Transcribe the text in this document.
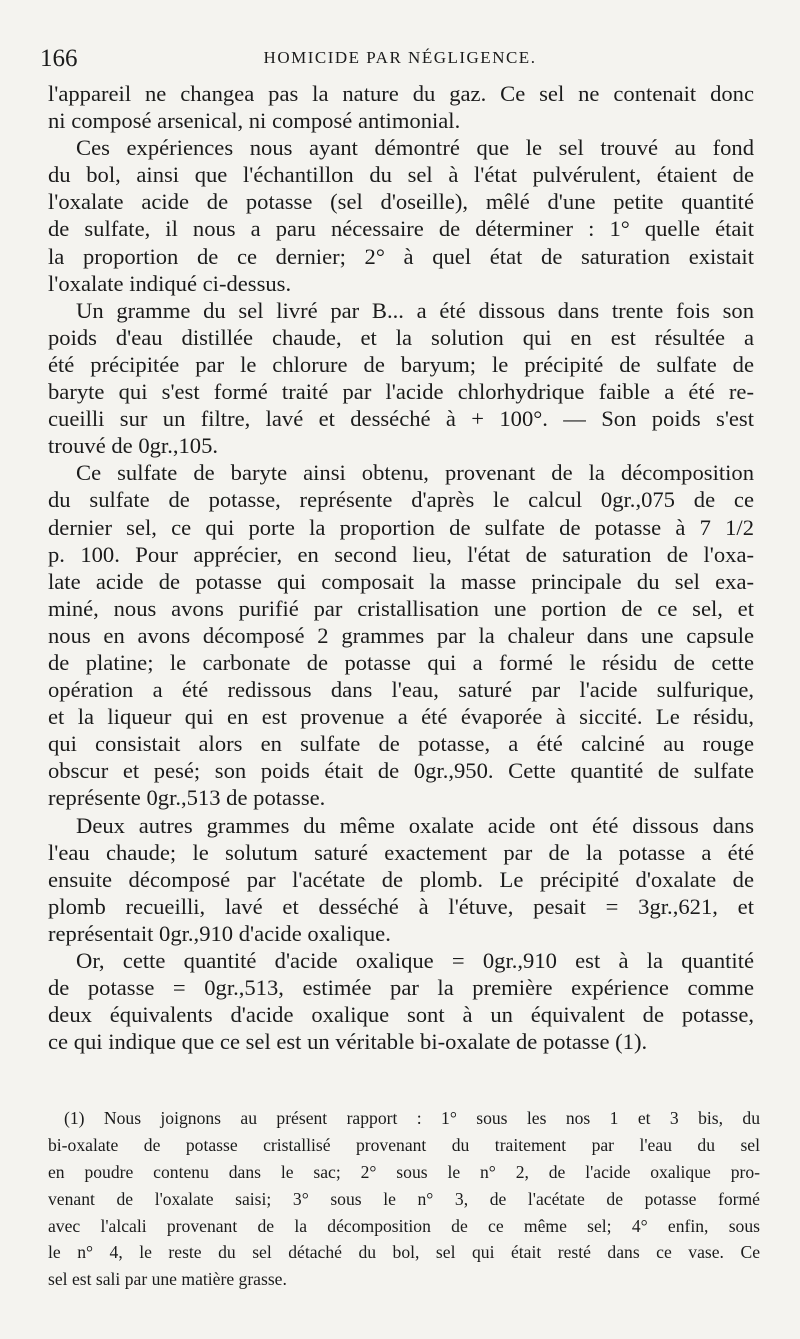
166	HOMICIDE PAR NÉGLIGENCE.
l'appareil ne changea pas la nature du gaz. Ce sel ne contenait donc
ni composé arsenical, ni composé antimonial.
Ces expériences nous ayant démontré que le sel trouvé au fond
du bol, ainsi que l'échantillon du sel à l'état pulvérulent, étaient de
l'oxalate acide de potasse (sel d'oseille), mêlé d'une petite quantité
de sulfate, il nous a paru nécessaire de déterminer : 1° quelle était
la proportion de ce dernier; 2° à quel état de saturation existait
l'oxalate indiqué ci-dessus.
Un gramme du sel livré par B... a été dissous dans trente fois son
poids d'eau distillée chaude, et la solution qui en est résultée a
été précipitée par le chlorure de baryum; le précipité de sulfate de
baryte qui s'est formé traité par l'acide chlorhydrique faible a été re-
cueilli sur un filtre, lavé et desséché à + 100°. — Son poids s'est
trouvé de 0gr.,105.
Ce sulfate de baryte ainsi obtenu, provenant de la décomposition
du sulfate de potasse, représente d'après le calcul 0gr.,075 de ce
dernier sel, ce qui porte la proportion de sulfate de potasse à 7 1/2
p. 100. Pour apprécier, en second lieu, l'état de saturation de l'oxa-
late acide de potasse qui composait la masse principale du sel exa-
miné, nous avons purifié par cristallisation une portion de ce sel, et
nous en avons décomposé 2 grammes par la chaleur dans une capsule
de platine; le carbonate de potasse qui a formé le résidu de cette
opération a été redissous dans l'eau, saturé par l'acide sulfurique,
et la liqueur qui en est provenue a été évaporée à siccité. Le résidu,
qui consistait alors en sulfate de potasse, a été calciné au rouge
obscur et pesé; son poids était de 0gr.,950. Cette quantité de sulfate
représente 0gr.,513 de potasse.
Deux autres grammes du même oxalate acide ont été dissous dans
l'eau chaude; le solutum saturé exactement par de la potasse a été
ensuite décomposé par l'acétate de plomb. Le précipité d'oxalate de
plomb recueilli, lavé et desséché à l'étuve, pesait = 3gr.,621, et
représentait 0gr.,910 d'acide oxalique.
Or, cette quantité d'acide oxalique = 0gr.,910 est à la quantité
de potasse = 0gr.,513, estimée par la première expérience comme
deux équivalents d'acide oxalique sont à un équivalent de potasse,
ce qui indique que ce sel est un véritable bi-oxalate de potasse (1).
(1) Nous joignons au présent rapport : 1° sous les nos 1 et 3 bis, du
bi-oxalate de potasse cristallisé provenant du traitement par l'eau du sel
en poudre contenu dans le sac; 2° sous le n° 2, de l'acide oxalique pro-
venant de l'oxalate saisi; 3° sous le n° 3, de l'acétate de potasse formé
avec l'alcali provenant de la décomposition de ce même sel; 4° enfin, sous
le n° 4, le reste du sel détaché du bol, sel qui était resté dans ce vase. Ce
sel est sali par une matière grasse.
